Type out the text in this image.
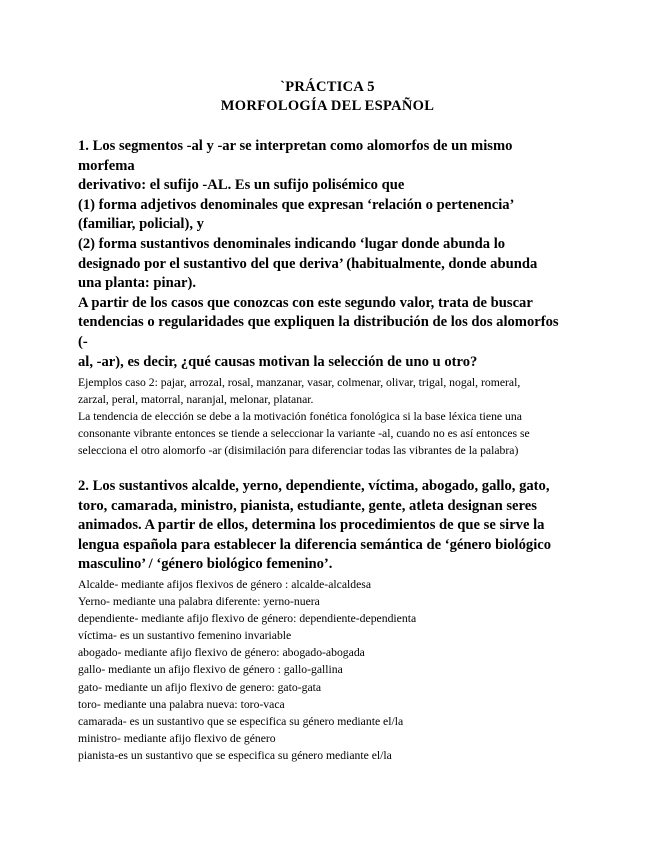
`PRÁCTICA 5
MORFOLOGÍA DEL ESPAÑOL
1. Los segmentos -al y -ar se interpretan como alomorfos de un mismo
morfema
derivativo: el sufijo -AL. Es un sufijo polisémico que
(1) forma adjetivos denominales que expresan ‘relación o pertenencia’
(familiar, policial), y
(2) forma sustantivos denominales indicando ‘lugar donde abunda lo
designado por el sustantivo del que deriva’ (habitualmente, donde abunda
una planta: pinar).
A partir de los casos que conozcas con este segundo valor, trata de buscar
tendencias o regularidades que expliquen la distribución de los dos alomorfos
(-
al, -ar), es decir, ¿qué causas motivan la selección de uno u otro?
Ejemplos caso 2: pajar, arrozal, rosal, manzanar, vasar, colmenar, olivar, trigal, nogal, romeral,
zarzal, peral, matorral, naranjal, melonar, platanar.
La tendencia de elección se debe a la motivación fonética fonológica si la base léxica tiene una
consonante vibrante entonces se tiende a seleccionar la variante -al, cuando no es así entonces se
selecciona el otro alomorfo -ar (disimilación para diferenciar todas las vibrantes de la palabra)
2. Los sustantivos alcalde, yerno, dependiente, víctima, abogado, gallo, gato,
toro, camarada, ministro, pianista, estudiante, gente, atleta designan seres
animados. A partir de ellos, determina los procedimientos de que se sirve la
lengua española para establecer la diferencia semántica de ‘género biológico
masculino’ / ‘género biológico femenino’.
Alcalde- mediante afijos flexivos de género : alcalde-alcaldesa
Yerno- mediante una palabra diferente: yerno-nuera
dependiente- mediante afijo flexivo de género: dependiente-dependienta
víctima- es un sustantivo femenino invariable
abogado- mediante afijo flexivo de género: abogado-abogada
gallo- mediante un afijo flexivo de género : gallo-gallina
gato- mediante un afijo flexivo de genero: gato-gata
toro- mediante una palabra nueva: toro-vaca
camarada- es un sustantivo que se especifica su género mediante el/la
ministro- mediante afijo flexivo de género
pianista-es un sustantivo que se especifica su género mediante el/la
